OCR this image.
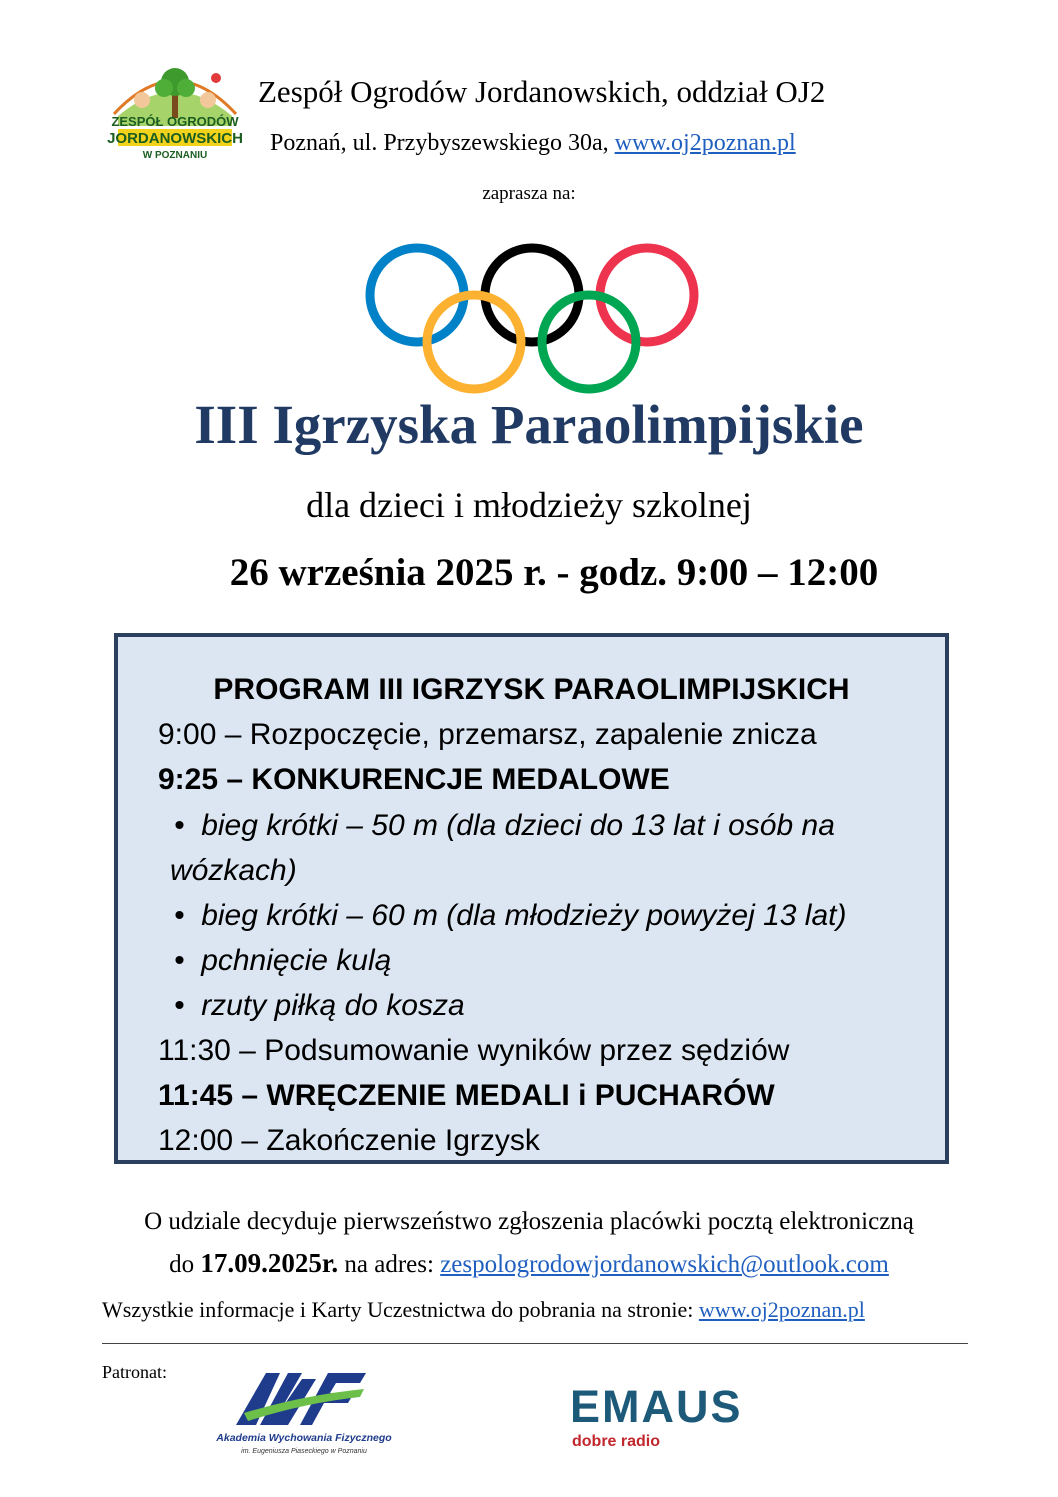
ZESPÓŁ OGRODÓW
JORDANOWSKICH
W POZNANIU
Zespół Ogrodów Jordanowskich, oddział OJ2
Poznań, ul. Przybyszewskiego 30a, www.oj2poznan.pl
zaprasza na:
III Igrzyska Paraolimpijskie
dla dzieci i młodzieży szkolnej
26 września 2025 r. - godz. 9:00 – 12:00
PROGRAM III IGRZYSK PARAOLIMPIJSKICH
9:00 – Rozpoczęcie, przemarsz, zapalenie znicza
9:25 – KONKURENCJE MEDALOWE
• bieg krótki – 50 m (dla dzieci do 13 lat i osób na
wózkach)
• bieg krótki – 60 m (dla młodzieży powyżej 13 lat)
• pchnięcie kulą
• rzuty piłką do kosza
11:30 – Podsumowanie wyników przez sędziów
11:45 – WRĘCZENIE MEDALI i PUCHARÓW
12:00 – Zakończenie Igrzysk
O udziale decyduje pierwszeństwo zgłoszenia placówki pocztą elektroniczną
do 17.09.2025r. na adres: zespologrodowjordanowskich@outlook.com
Wszystkie informacje i Karty Uczestnictwa do pobrania na stronie: www.oj2poznan.pl
Patronat:
Akademia Wychowania Fizycznego
im. Eugeniusza Piaseckiego w Poznaniu
EMAUS
dobre radio
